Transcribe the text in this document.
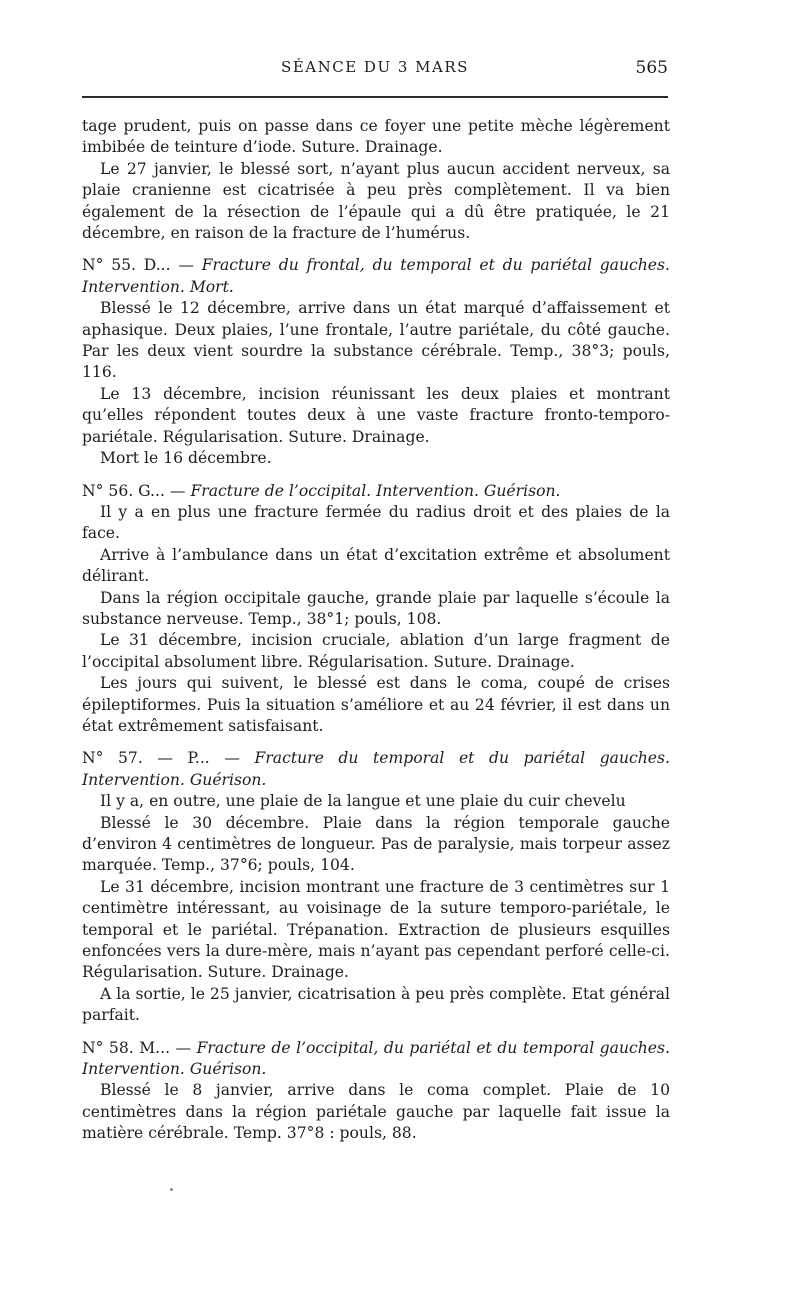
SÉANCE DU 3 MARS	565

tage prudent, puis on passe dans ce foyer une petite mèche légèrement imbibée de teinture d’iode. Suture. Drainage.

Le 27 janvier, le blessé sort, n’ayant plus aucun accident nerveux, sa plaie cranienne est cicatrisée à peu près complètement. Il va bien également de la résection de l’épaule qui a dû être pratiquée, le 21 décembre, en raison de la fracture de l’humérus.

N° 55. D... — Fracture du frontal, du temporal et du pariétal gauches. Intervention. Mort.

Blessé le 12 décembre, arrive dans un état marqué d’affaissement et aphasique. Deux plaies, l’une frontale, l’autre pariétale, du côté gauche. Par les deux vient sourdre la substance cérébrale. Temp., 38°3; pouls, 116.

Le 13 décembre, incision réunissant les deux plaies et montrant qu’elles répondent toutes deux à une vaste fracture fronto-temporo-pariétale. Régularisation. Suture. Drainage.

Mort le 16 décembre.

N° 56. G... — Fracture de l’occipital. Intervention. Guérison.

Il y a en plus une fracture fermée du radius droit et des plaies de la face.

Arrive à l’ambulance dans un état d’excitation extrême et absolument délirant.

Dans la région occipitale gauche, grande plaie par laquelle s’écoule la substance nerveuse. Temp., 38°1; pouls, 108.

Le 31 décembre, incision cruciale, ablation d’un large fragment de l’occipital absolument libre. Régularisation. Suture. Drainage.

Les jours qui suivent, le blessé est dans le coma, coupé de crises épileptiformes. Puis la situation s’améliore et au 24 février, il est dans un état extrêmement satisfaisant.

N° 57. — P... — Fracture du temporal et du pariétal gauches. Intervention. Guérison.

Il y a, en outre, une plaie de la langue et une plaie du cuir chevelu

Blessé le 30 décembre. Plaie dans la région temporale gauche d’environ 4 centimètres de longueur. Pas de paralysie, mais torpeur assez marquée. Temp., 37°6; pouls, 104.

Le 31 décembre, incision montrant une fracture de 3 centimètres sur 1 centimètre intéressant, au voisinage de la suture temporo-pariétale, le temporal et le pariétal. Trépanation. Extraction de plusieurs esquilles enfoncées vers la dure-mère, mais n’ayant pas cependant perforé celle-ci. Régularisation. Suture. Drainage.

A la sortie, le 25 janvier, cicatrisation à peu près complète. Etat général parfait.

N° 58. M... — Fracture de l’occipital, du pariétal et du temporal gauches. Intervention. Guérison.

Blessé le 8 janvier, arrive dans le coma complet. Plaie de 10 centimètres dans la région pariétale gauche par laquelle fait issue la matière cérébrale. Temp. 37°8 : pouls, 88.
